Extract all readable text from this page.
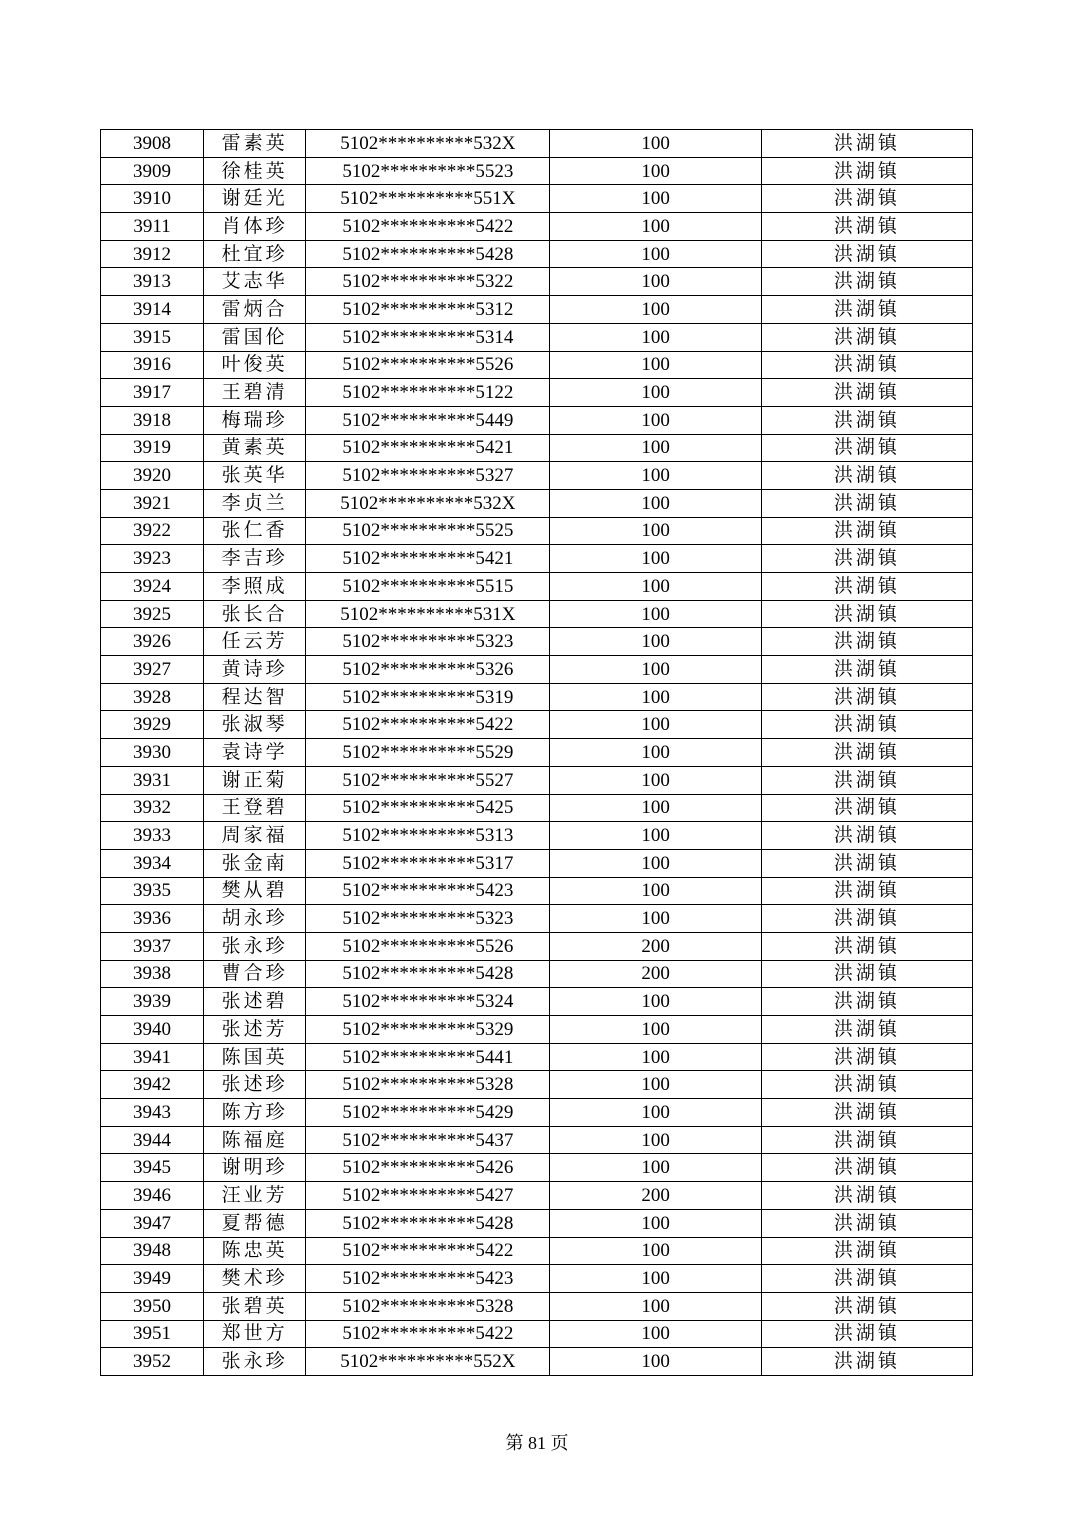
3908	雷素英	5102**********532X	100	洪湖镇
3909	徐桂英	5102**********5523	100	洪湖镇
3910	谢廷光	5102**********551X	100	洪湖镇
3911	肖体珍	5102**********5422	100	洪湖镇
3912	杜宜珍	5102**********5428	100	洪湖镇
3913	艾志华	5102**********5322	100	洪湖镇
3914	雷炳合	5102**********5312	100	洪湖镇
3915	雷国伦	5102**********5314	100	洪湖镇
3916	叶俊英	5102**********5526	100	洪湖镇
3917	王碧清	5102**********5122	100	洪湖镇
3918	梅瑞珍	5102**********5449	100	洪湖镇
3919	黄素英	5102**********5421	100	洪湖镇
3920	张英华	5102**********5327	100	洪湖镇
3921	李贞兰	5102**********532X	100	洪湖镇
3922	张仁香	5102**********5525	100	洪湖镇
3923	李吉珍	5102**********5421	100	洪湖镇
3924	李照成	5102**********5515	100	洪湖镇
3925	张长合	5102**********531X	100	洪湖镇
3926	任云芳	5102**********5323	100	洪湖镇
3927	黄诗珍	5102**********5326	100	洪湖镇
3928	程达智	5102**********5319	100	洪湖镇
3929	张淑琴	5102**********5422	100	洪湖镇
3930	袁诗学	5102**********5529	100	洪湖镇
3931	谢正菊	5102**********5527	100	洪湖镇
3932	王登碧	5102**********5425	100	洪湖镇
3933	周家福	5102**********5313	100	洪湖镇
3934	张金南	5102**********5317	100	洪湖镇
3935	樊从碧	5102**********5423	100	洪湖镇
3936	胡永珍	5102**********5323	100	洪湖镇
3937	张永珍	5102**********5526	200	洪湖镇
3938	曹合珍	5102**********5428	200	洪湖镇
3939	张述碧	5102**********5324	100	洪湖镇
3940	张述芳	5102**********5329	100	洪湖镇
3941	陈国英	5102**********5441	100	洪湖镇
3942	张述珍	5102**********5328	100	洪湖镇
3943	陈方珍	5102**********5429	100	洪湖镇
3944	陈福庭	5102**********5437	100	洪湖镇
3945	谢明珍	5102**********5426	100	洪湖镇
3946	汪业芳	5102**********5427	200	洪湖镇
3947	夏帮德	5102**********5428	100	洪湖镇
3948	陈忠英	5102**********5422	100	洪湖镇
3949	樊术珍	5102**********5423	100	洪湖镇
3950	张碧英	5102**********5328	100	洪湖镇
3951	郑世方	5102**********5422	100	洪湖镇
3952	张永珍	5102**********552X	100	洪湖镇
第 81 页
